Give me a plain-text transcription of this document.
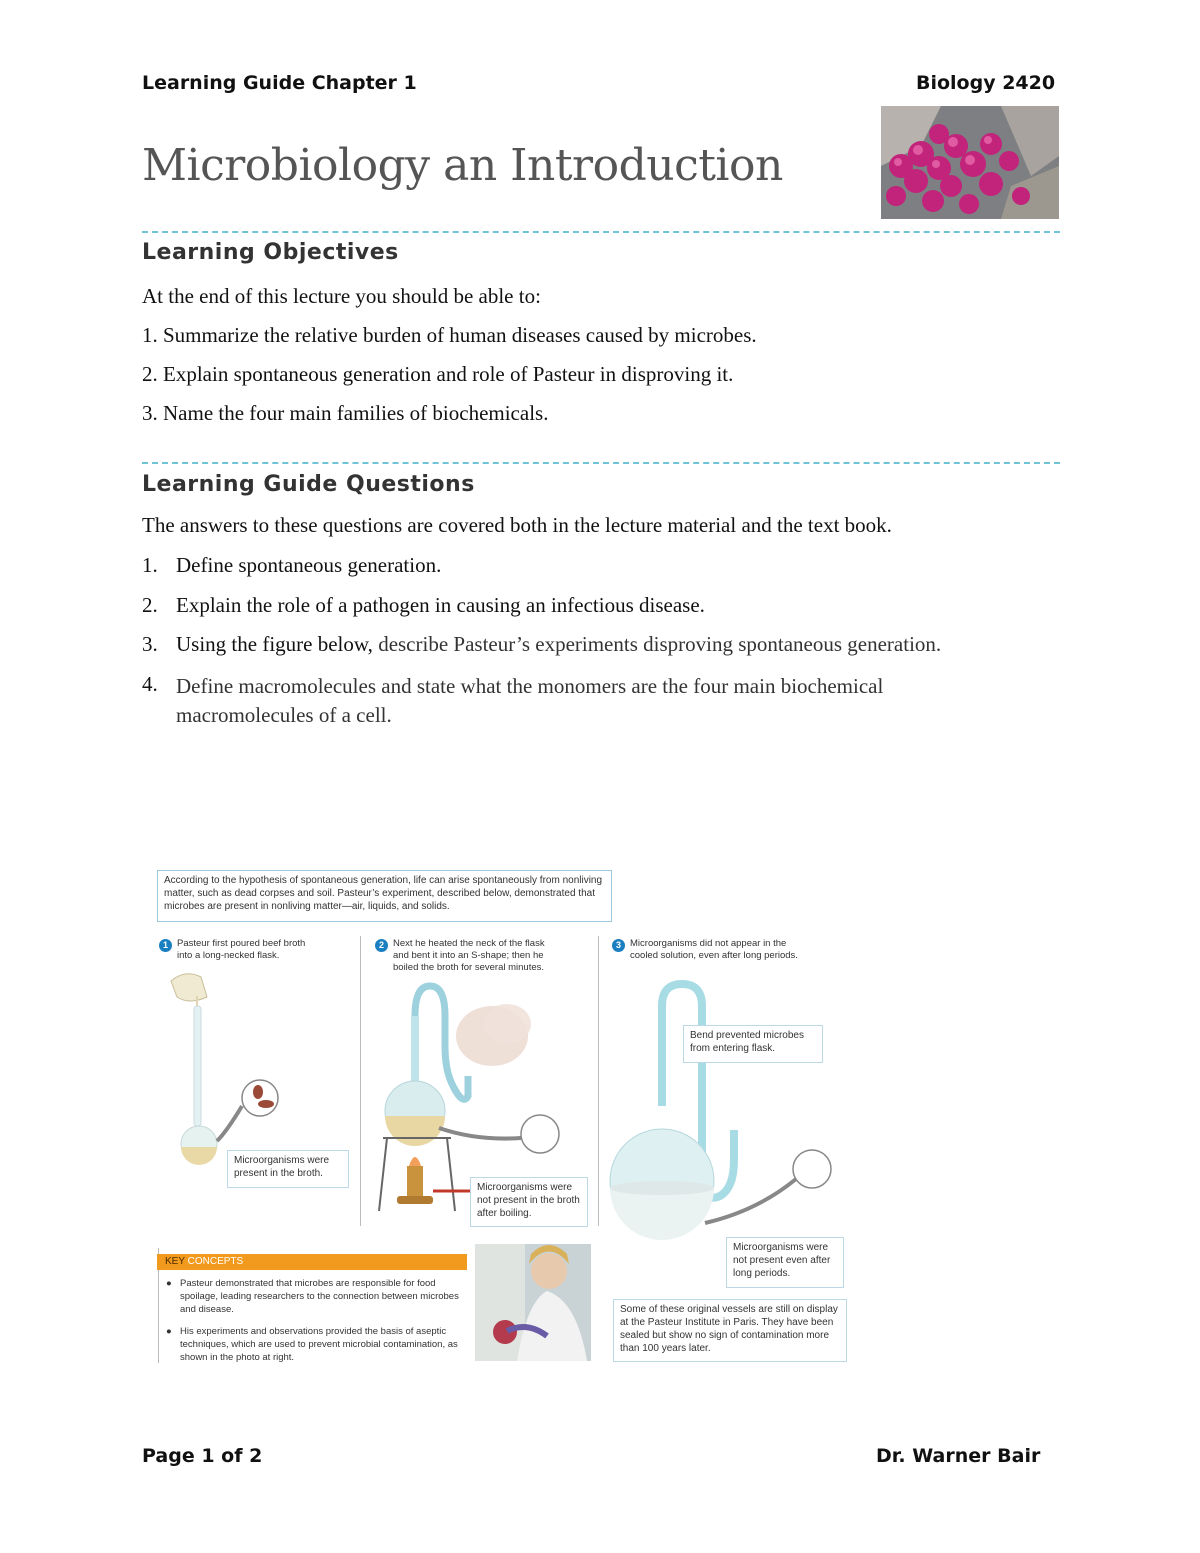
Learning Guide Chapter 1	Biology 2420
Microbiology an Introduction
Learning Objectives
At the end of this lecture you should be able to:
1. Summarize the relative burden of human diseases caused by microbes.
2. Explain spontaneous generation and role of Pasteur in disproving it.
3. Name the four main families of biochemicals.
Learning Guide Questions
The answers to these questions are covered both in the lecture material and the text book.
1. Define spontaneous generation.
2. Explain the role of a pathogen in causing an infectious disease.
3. Using the figure below, describe Pasteur’s experiments disproving spontaneous generation.
4. Define macromolecules and state what the monomers are the four main biochemical macromolecules of a cell.
According to the hypothesis of spontaneous generation, life can arise spontaneously from nonliving matter, such as dead corpses and soil. Pasteur’s experiment, described below, demonstrated that microbes are present in nonliving matter—air, liquids, and solids.
1 Pasteur first poured beef broth into a long-necked flask.
2 Next he heated the neck of the flask and bent it into an S-shape; then he boiled the broth for several minutes.
3 Microorganisms did not appear in the cooled solution, even after long periods.
Microorganisms were present in the broth.
Microorganisms were not present in the broth after boiling.
Bend prevented microbes from entering flask.
Microorganisms were not present even after long periods.
Some of these original vessels are still on display at the Pasteur Institute in Paris. They have been sealed but show no sign of contamination more than 100 years later.
KEY CONCEPTS
● Pasteur demonstrated that microbes are responsible for food spoilage, leading researchers to the connection between microbes and disease.
● His experiments and observations provided the basis of aseptic techniques, which are used to prevent microbial contamination, as shown in the photo at right.
Page 1 of 2	Dr. Warner Bair
